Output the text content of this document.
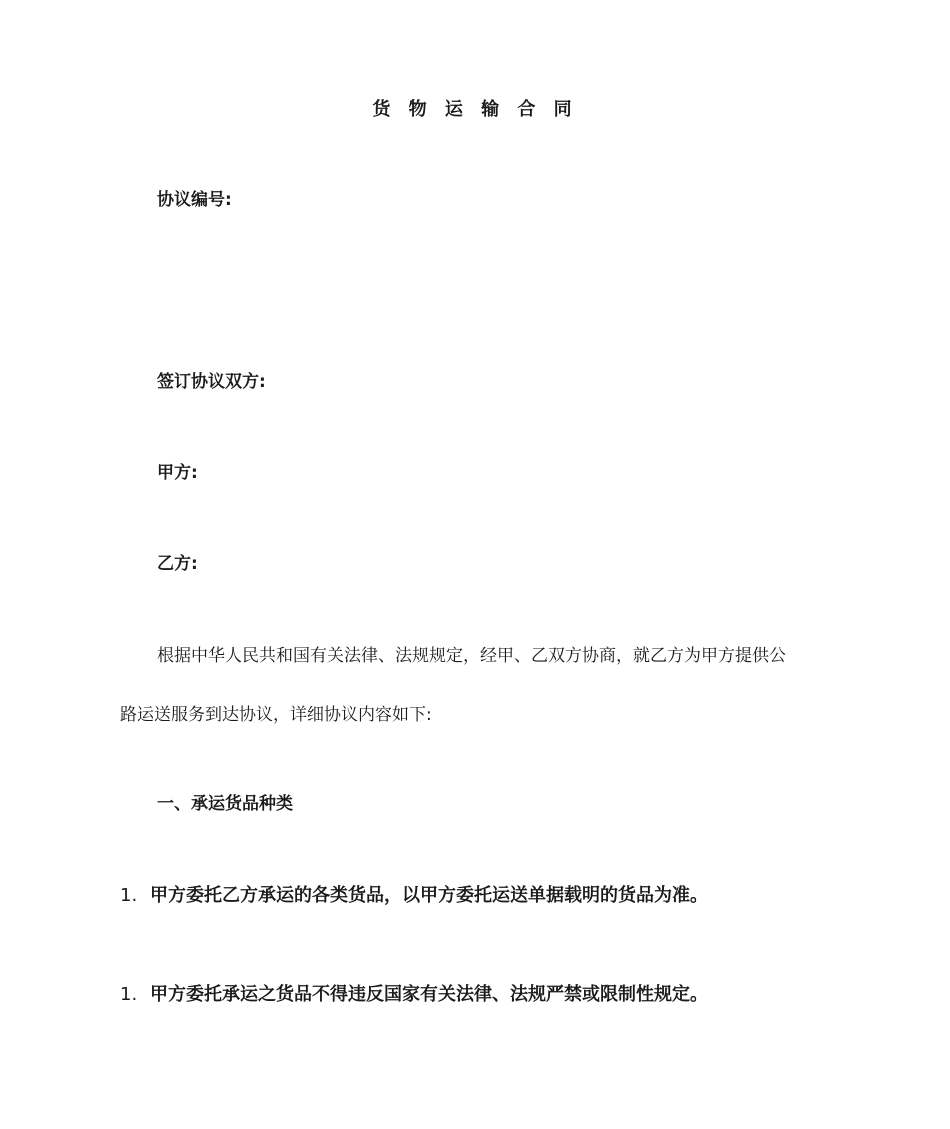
货 物 运 输 合 同

协议编号:

签订协议双方:

甲方:

乙方:

根据中华人民共和国有关法律、法规规定，经甲、乙双方协商，就乙方为甲方提供公

路运送服务到达协议，详细协议内容如下:

一、承运货品种类

1. 甲方委托乙方承运的各类货品，以甲方委托运送单据载明的货品为准。
1. 甲方委托承运之货品不得违反国家有关法律、法规严禁或限制性规定。
